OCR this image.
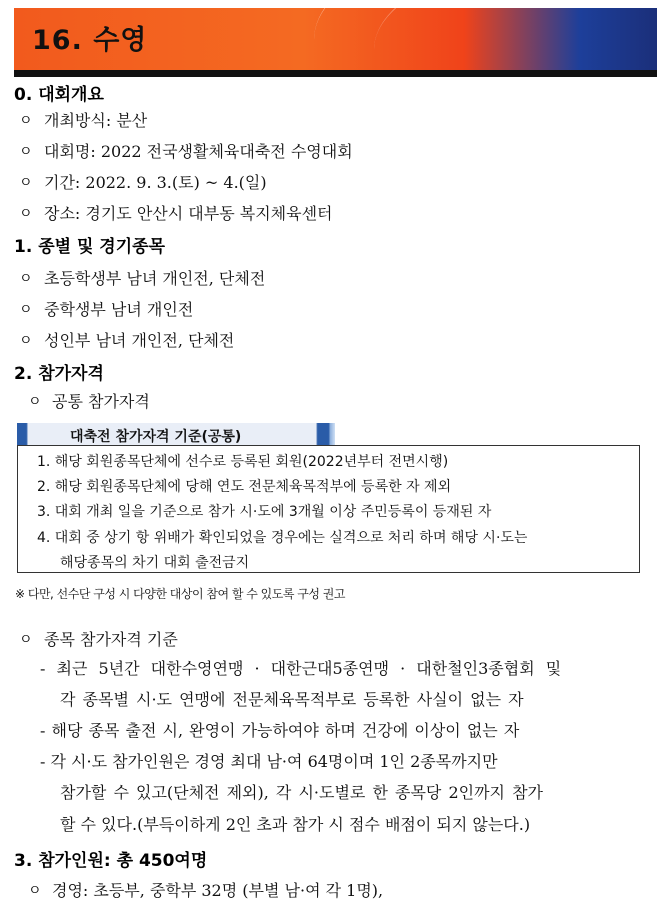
16. 수영
0. 대회개요
ㅇ 개최방식: 분산
ㅇ 대회명: 2022 전국생활체육대축전 수영대회
ㅇ 기간: 2022. 9. 3.(토) ~ 4.(일)
ㅇ 장소: 경기도 안산시 대부동 복지체육센터
1. 종별 및 경기종목
ㅇ 초등학생부 남녀 개인전, 단체전
ㅇ 중학생부 남녀 개인전
ㅇ 성인부 남녀 개인전, 단체전
2. 참가자격
ㅇ 공통 참가자격
대축전 참가자격 기준(공통)
1. 해당 회원종목단체에 선수로 등록된 회원(2022년부터 전면시행)
2. 해당 회원종목단체에 당해 연도 전문체육목적부에 등록한 자 제외
3. 대회 개최 일을 기준으로 참가 시·도에 3개월 이상 주민등록이 등재된 자
4. 대회 중 상기 항 위배가 확인되었을 경우에는 실격으로 처리 하며 해당 시·도는
해당종목의 차기 대회 출전금지
※ 다만, 선수단 구성 시 다양한 대상이 참여 할 수 있도록 구성 권고
ㅇ 종목 참가자격 기준
- 최근 5년간 대한수영연맹 · 대한근대5종연맹 · 대한철인3종협회 및
각 종목별 시·도 연맹에 전문체육목적부로 등록한 사실이 없는 자
- 해당 종목 출전 시, 완영이 가능하여야 하며 건강에 이상이 없는 자
- 각 시·도 참가인원은 경영 최대 남·여 64명이며 1인 2종목까지만
참가할 수 있고(단체전 제외), 각 시·도별로 한 종목당 2인까지 참가
할 수 있다.(부득이하게 2인 초과 참가 시 점수 배점이 되지 않는다.)
3. 참가인원: 총 450여명
ㅇ 경영: 초등부, 중학부 32명 (부별 남·여 각 1명),
